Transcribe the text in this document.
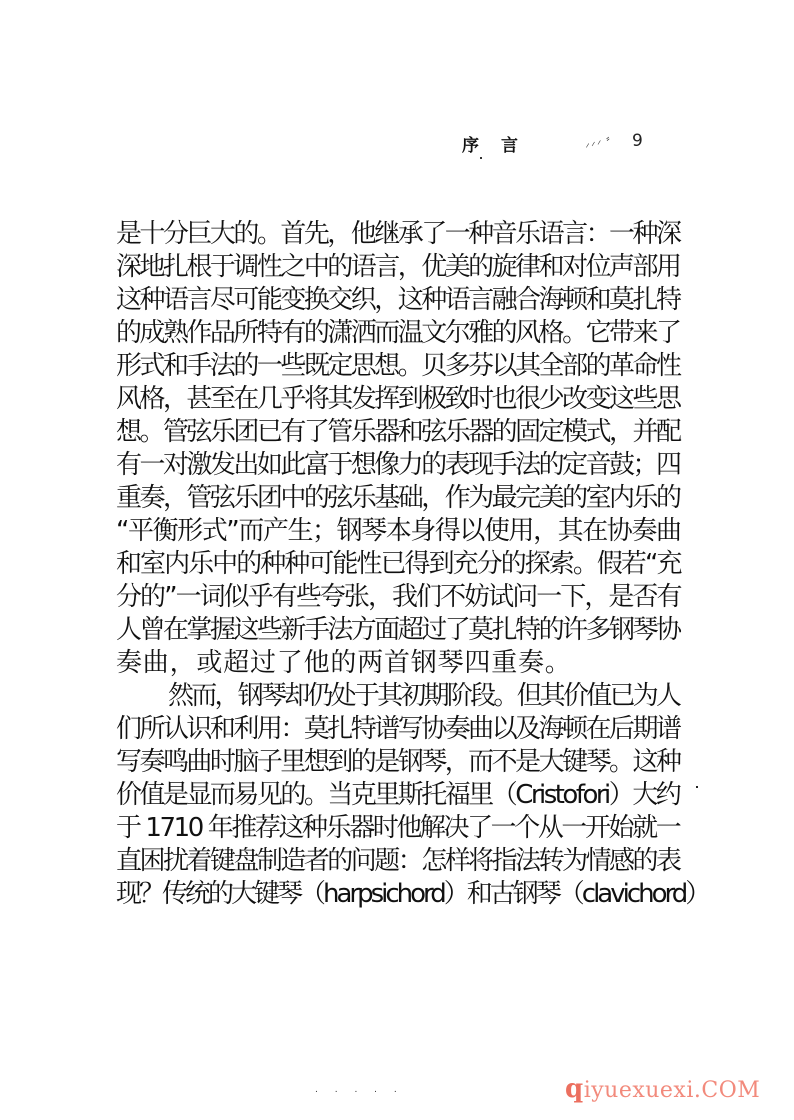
序言	⸝⸝⸝ ⸗ 9
是十分巨大的。首先，他继承了一种音乐语言：一种深
深地扎根于调性之中的语言，优美的旋律和对位声部用
这种语言尽可能变换交织，这种语言融合海顿和莫扎特
的成熟作品所特有的潇洒而温文尔雅的风格。它带来了
形式和手法的一些既定思想。贝多芬以其全部的革命性
风格，甚至在几乎将其发挥到极致时也很少改变这些思
想。管弦乐团已有了管乐器和弦乐器的固定模式，并配
有一对激发出如此富于想像力的表现手法的定音鼓；四
重奏，管弦乐团中的弦乐基础，作为最完美的室内乐的
“平衡形式”而产生；钢琴本身得以使用，其在协奏曲
和室内乐中的种种可能性已得到充分的探索。假若“充
分的”一词似乎有些夸张，我们不妨试问一下，是否有
人曾在掌握这些新手法方面超过了莫扎特的许多钢琴协
奏曲，或超过了他的两首钢琴四重奏。
然而，钢琴却仍处于其初期阶段。但其价值已为人
们所认识和利用：莫扎特谱写协奏曲以及海顿在后期谱
写奏鸣曲时脑子里想到的是钢琴，而不是大键琴。这种
价值是显而易见的。当克里斯托福里（Cristofori）大约
于 1710 年推荐这种乐器时他解决了一个从一开始就一
直困扰着键盘制造者的问题：怎样将指法转为情感的表
现？传统的大键琴（harpsichord）和古钢琴（clavichord）
. . . . .	qiyuexuexi.COM
